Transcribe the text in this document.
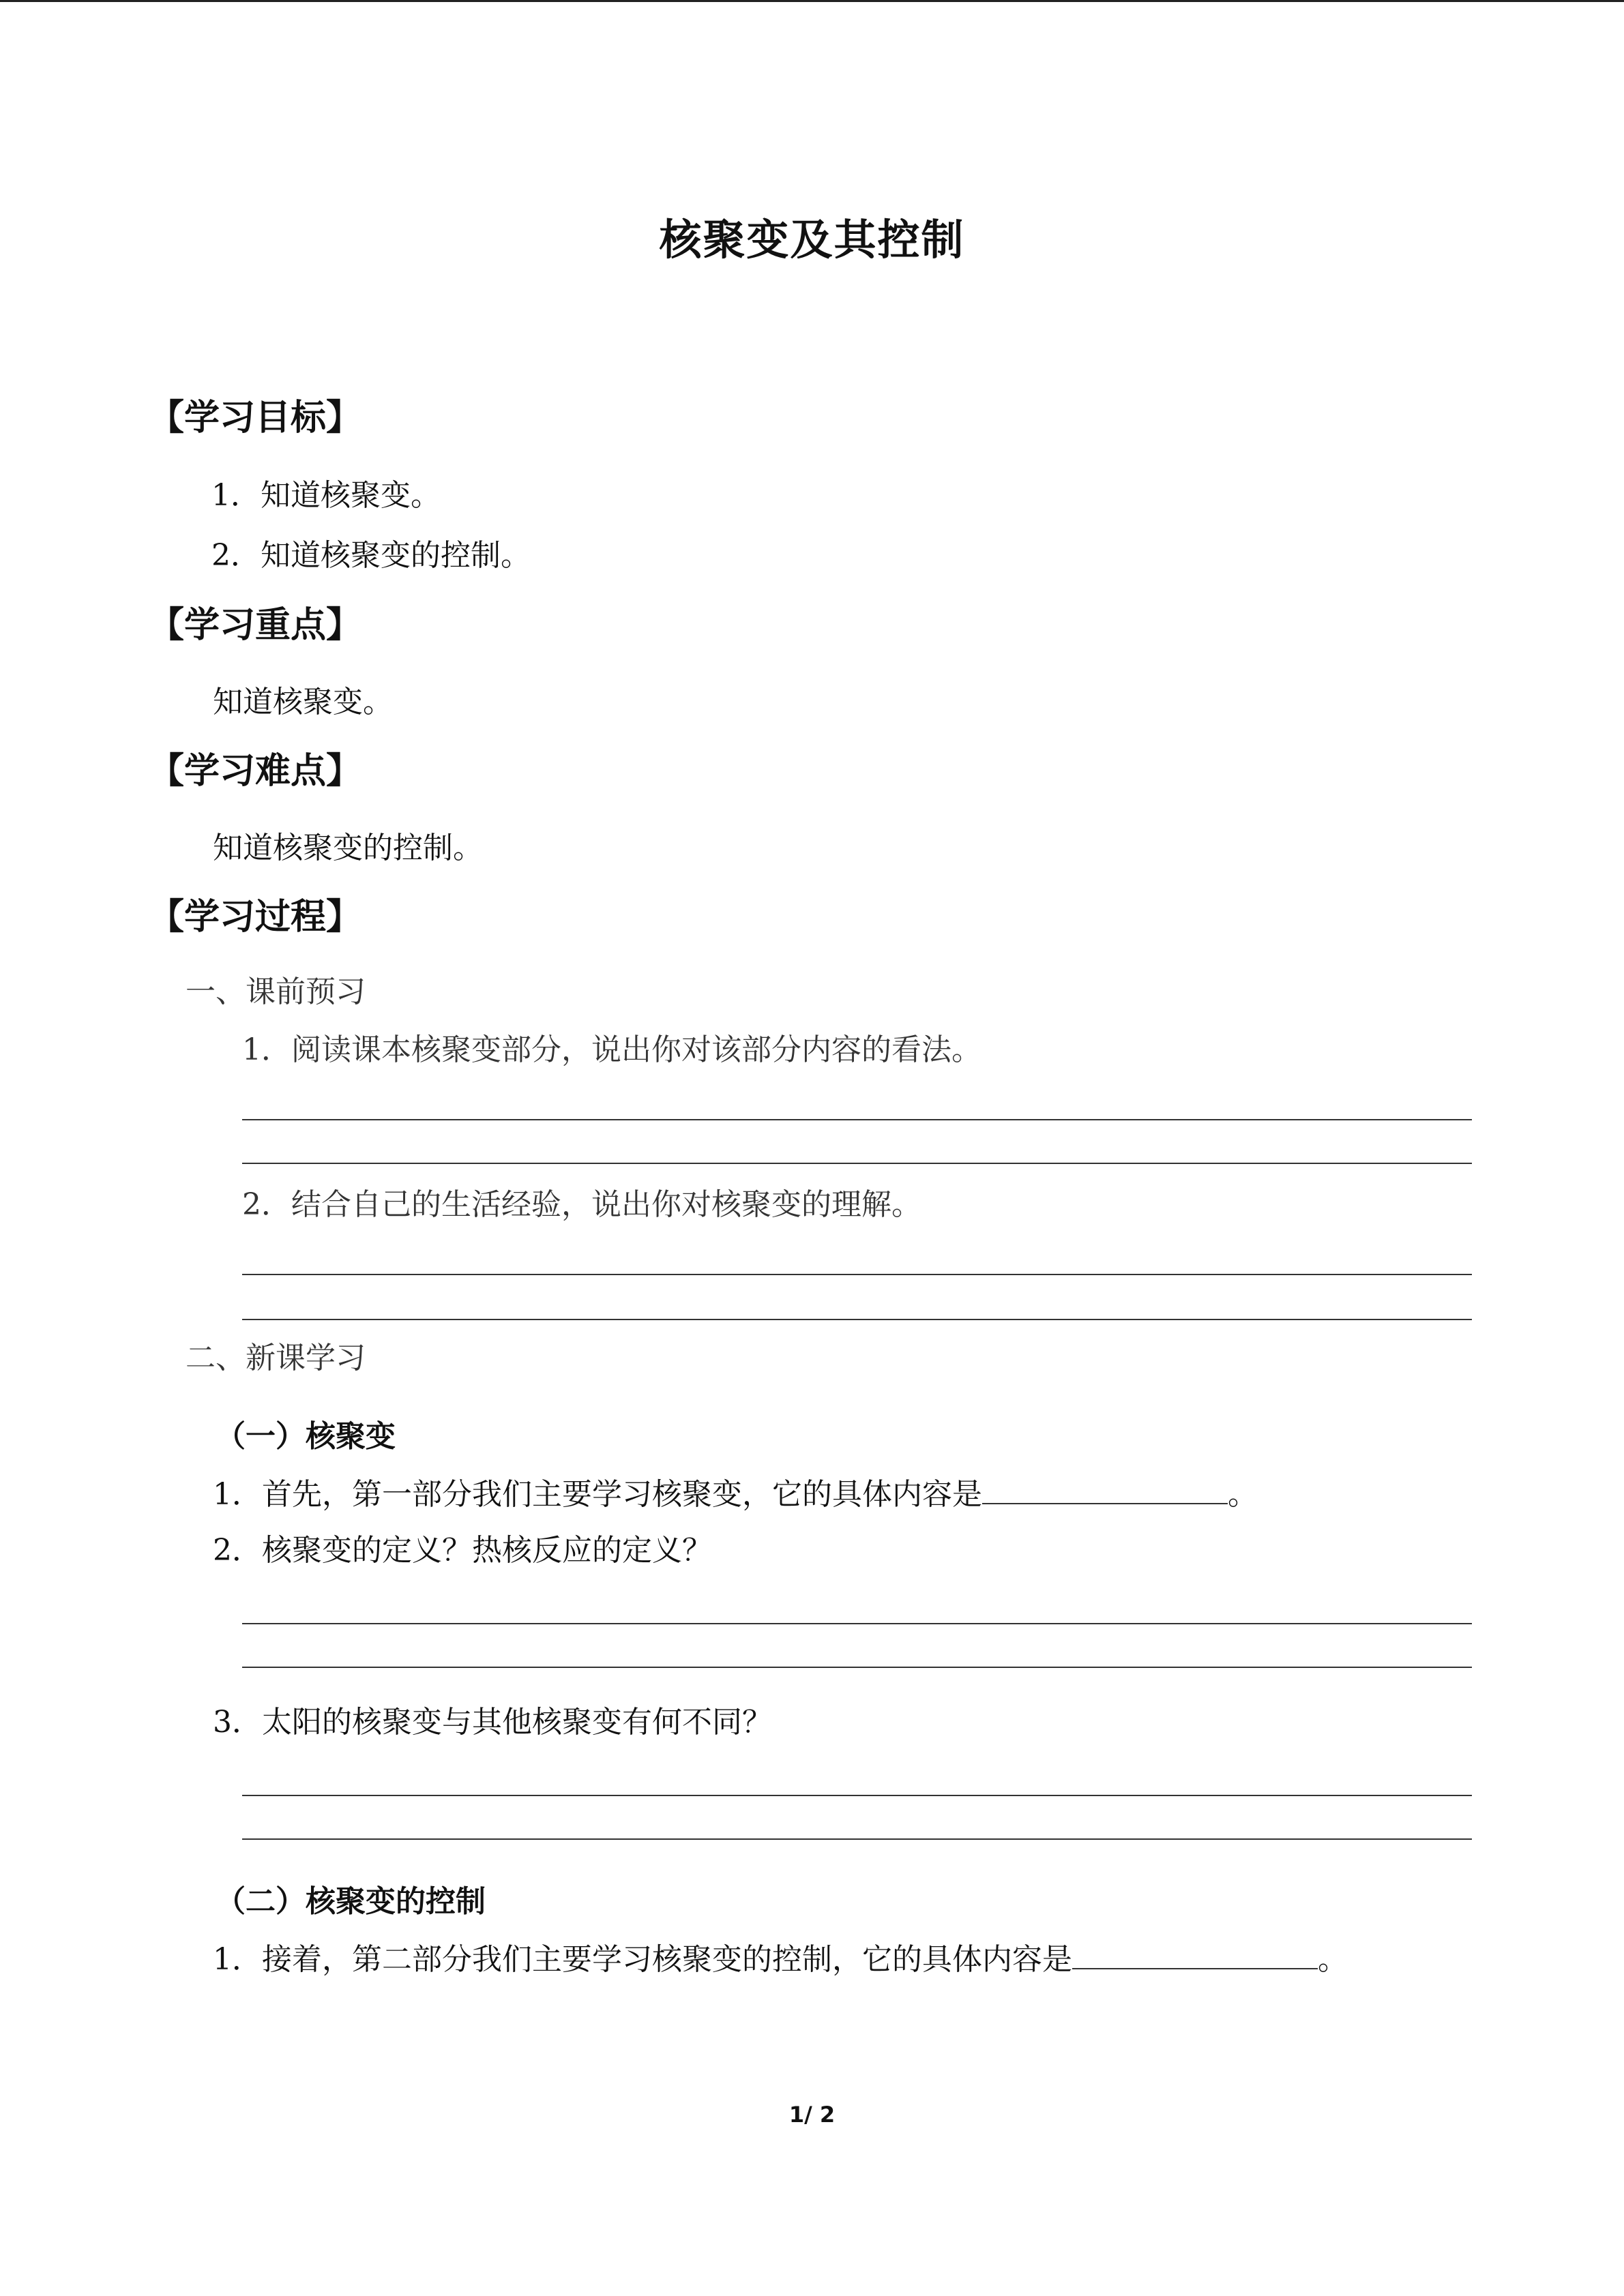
核聚变及其控制
【学习目标】
1．知道核聚变。
2．知道核聚变的控制。
【学习重点】
知道核聚变。
【学习难点】
知道核聚变的控制。
【学习过程】
一、课前预习
1．阅读课本核聚变部分，说出你对该部分内容的看法。
2．结合自己的生活经验，说出你对核聚变的理解。
二、新课学习
（一）核聚变
1．首先，第一部分我们主要学习核聚变，它的具体内容是	。
2．核聚变的定义？热核反应的定义？
3．太阳的核聚变与其他核聚变有何不同？
（二）核聚变的控制
1．接着，第二部分我们主要学习核聚变的控制，它的具体内容是	。
1/ 2
